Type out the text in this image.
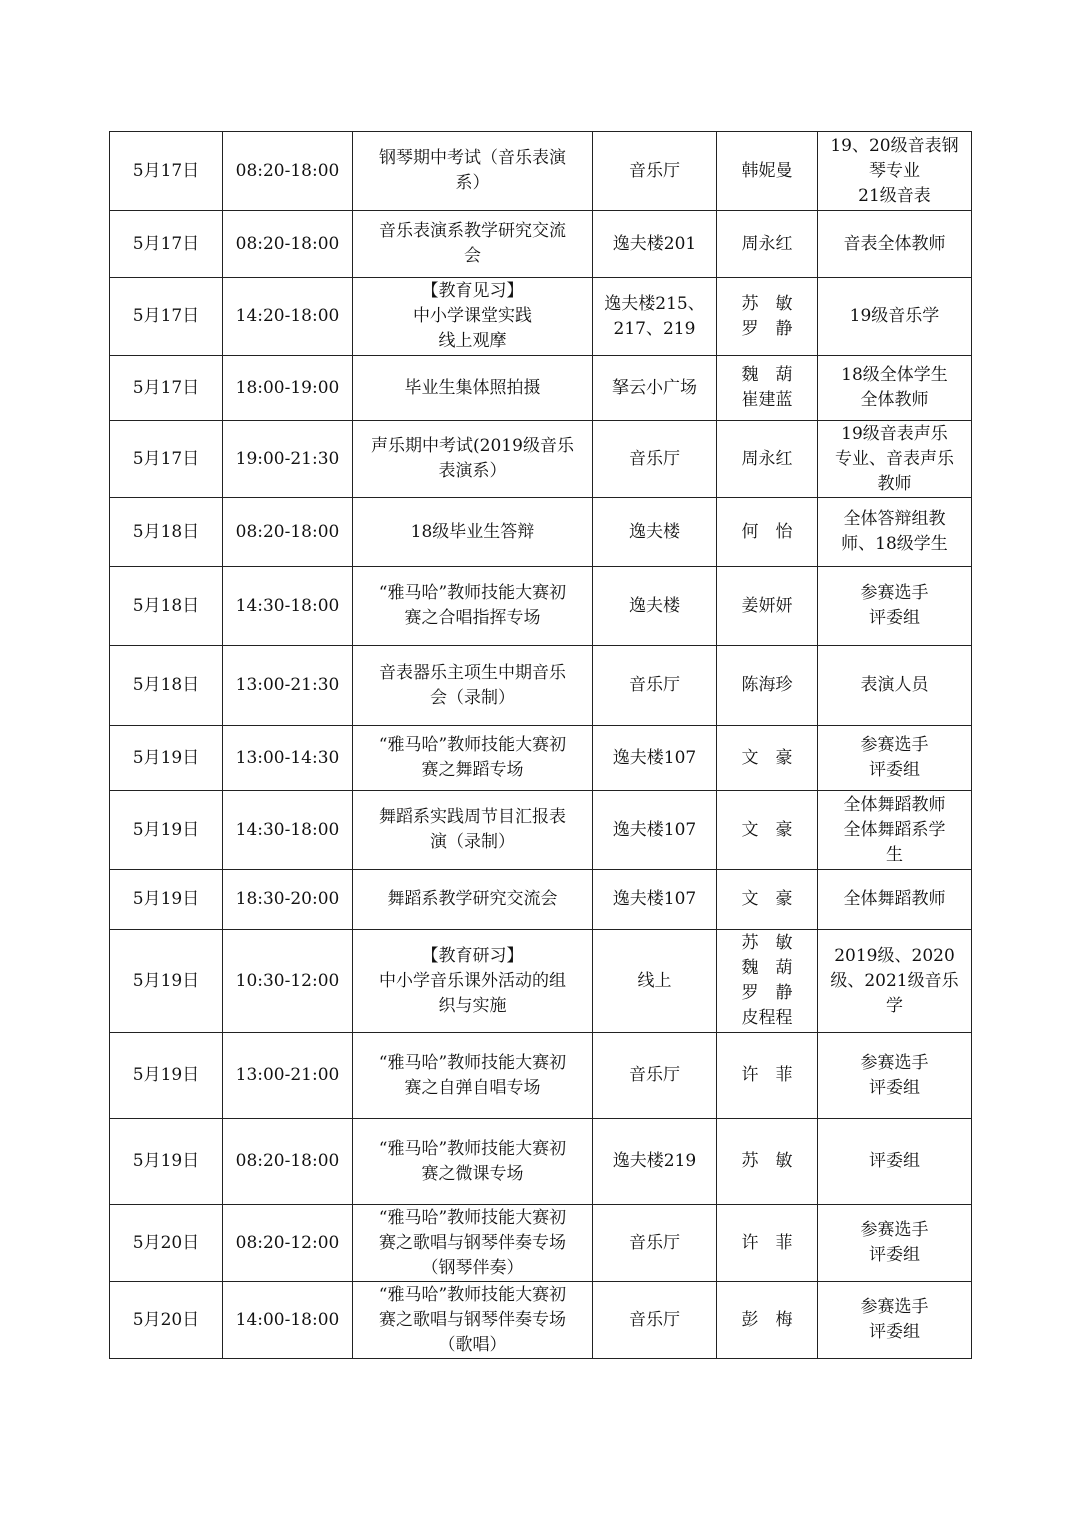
5月17日	08:20-18:00	钢琴期中考试（音乐表演
系）	音乐厅	韩妮曼	19、20级音表钢
琴专业
21级音表
5月17日	08:20-18:00	音乐表演系教学研究交流
会	逸夫楼201	周永红	音表全体教师
5月17日	14:20-18:00	【教育见习】
中小学课堂实践
线上观摩	逸夫楼215、
217、219	苏　敏
罗　静	19级音乐学
5月17日	18:00-19:00	毕业生集体照拍摄	拏云小广场	魏　葫
崔建蓝	18级全体学生
全体教师
5月17日	19:00-21:30	声乐期中考试(2019级音乐
表演系）	音乐厅	周永红	19级音表声乐
专业、音表声乐
教师
5月18日	08:20-18:00	18级毕业生答辩	逸夫楼	何　怡	全体答辩组教
师、18级学生
5月18日	14:30-18:00	“雅马哈”教师技能大赛初
赛之合唱指挥专场	逸夫楼	姜妍妍	参赛选手
评委组
5月18日	13:00-21:30	音表器乐主项生中期音乐
会（录制）	音乐厅	陈海珍	表演人员
5月19日	13:00-14:30	“雅马哈”教师技能大赛初
赛之舞蹈专场	逸夫楼107	文　豪	参赛选手
评委组
5月19日	14:30-18:00	舞蹈系实践周节目汇报表
演（录制）	逸夫楼107	文　豪	全体舞蹈教师
全体舞蹈系学
生
5月19日	18:30-20:00	舞蹈系教学研究交流会	逸夫楼107	文　豪	全体舞蹈教师
5月19日	10:30-12:00	【教育研习】
中小学音乐课外活动的组
织与实施	线上	苏　敏
魏　葫
罗　静
皮程程	2019级、2020
级、2021级音乐
学
5月19日	13:00-21:00	“雅马哈”教师技能大赛初
赛之自弹自唱专场	音乐厅	许　菲	参赛选手
评委组
5月19日	08:20-18:00	“雅马哈”教师技能大赛初
赛之微课专场	逸夫楼219	苏　敏	评委组
5月20日	08:20-12:00	“雅马哈”教师技能大赛初
赛之歌唱与钢琴伴奏专场
（钢琴伴奏）	音乐厅	许　菲	参赛选手
评委组
5月20日	14:00-18:00	“雅马哈”教师技能大赛初
赛之歌唱与钢琴伴奏专场
（歌唱）	音乐厅	彭　梅	参赛选手
评委组
